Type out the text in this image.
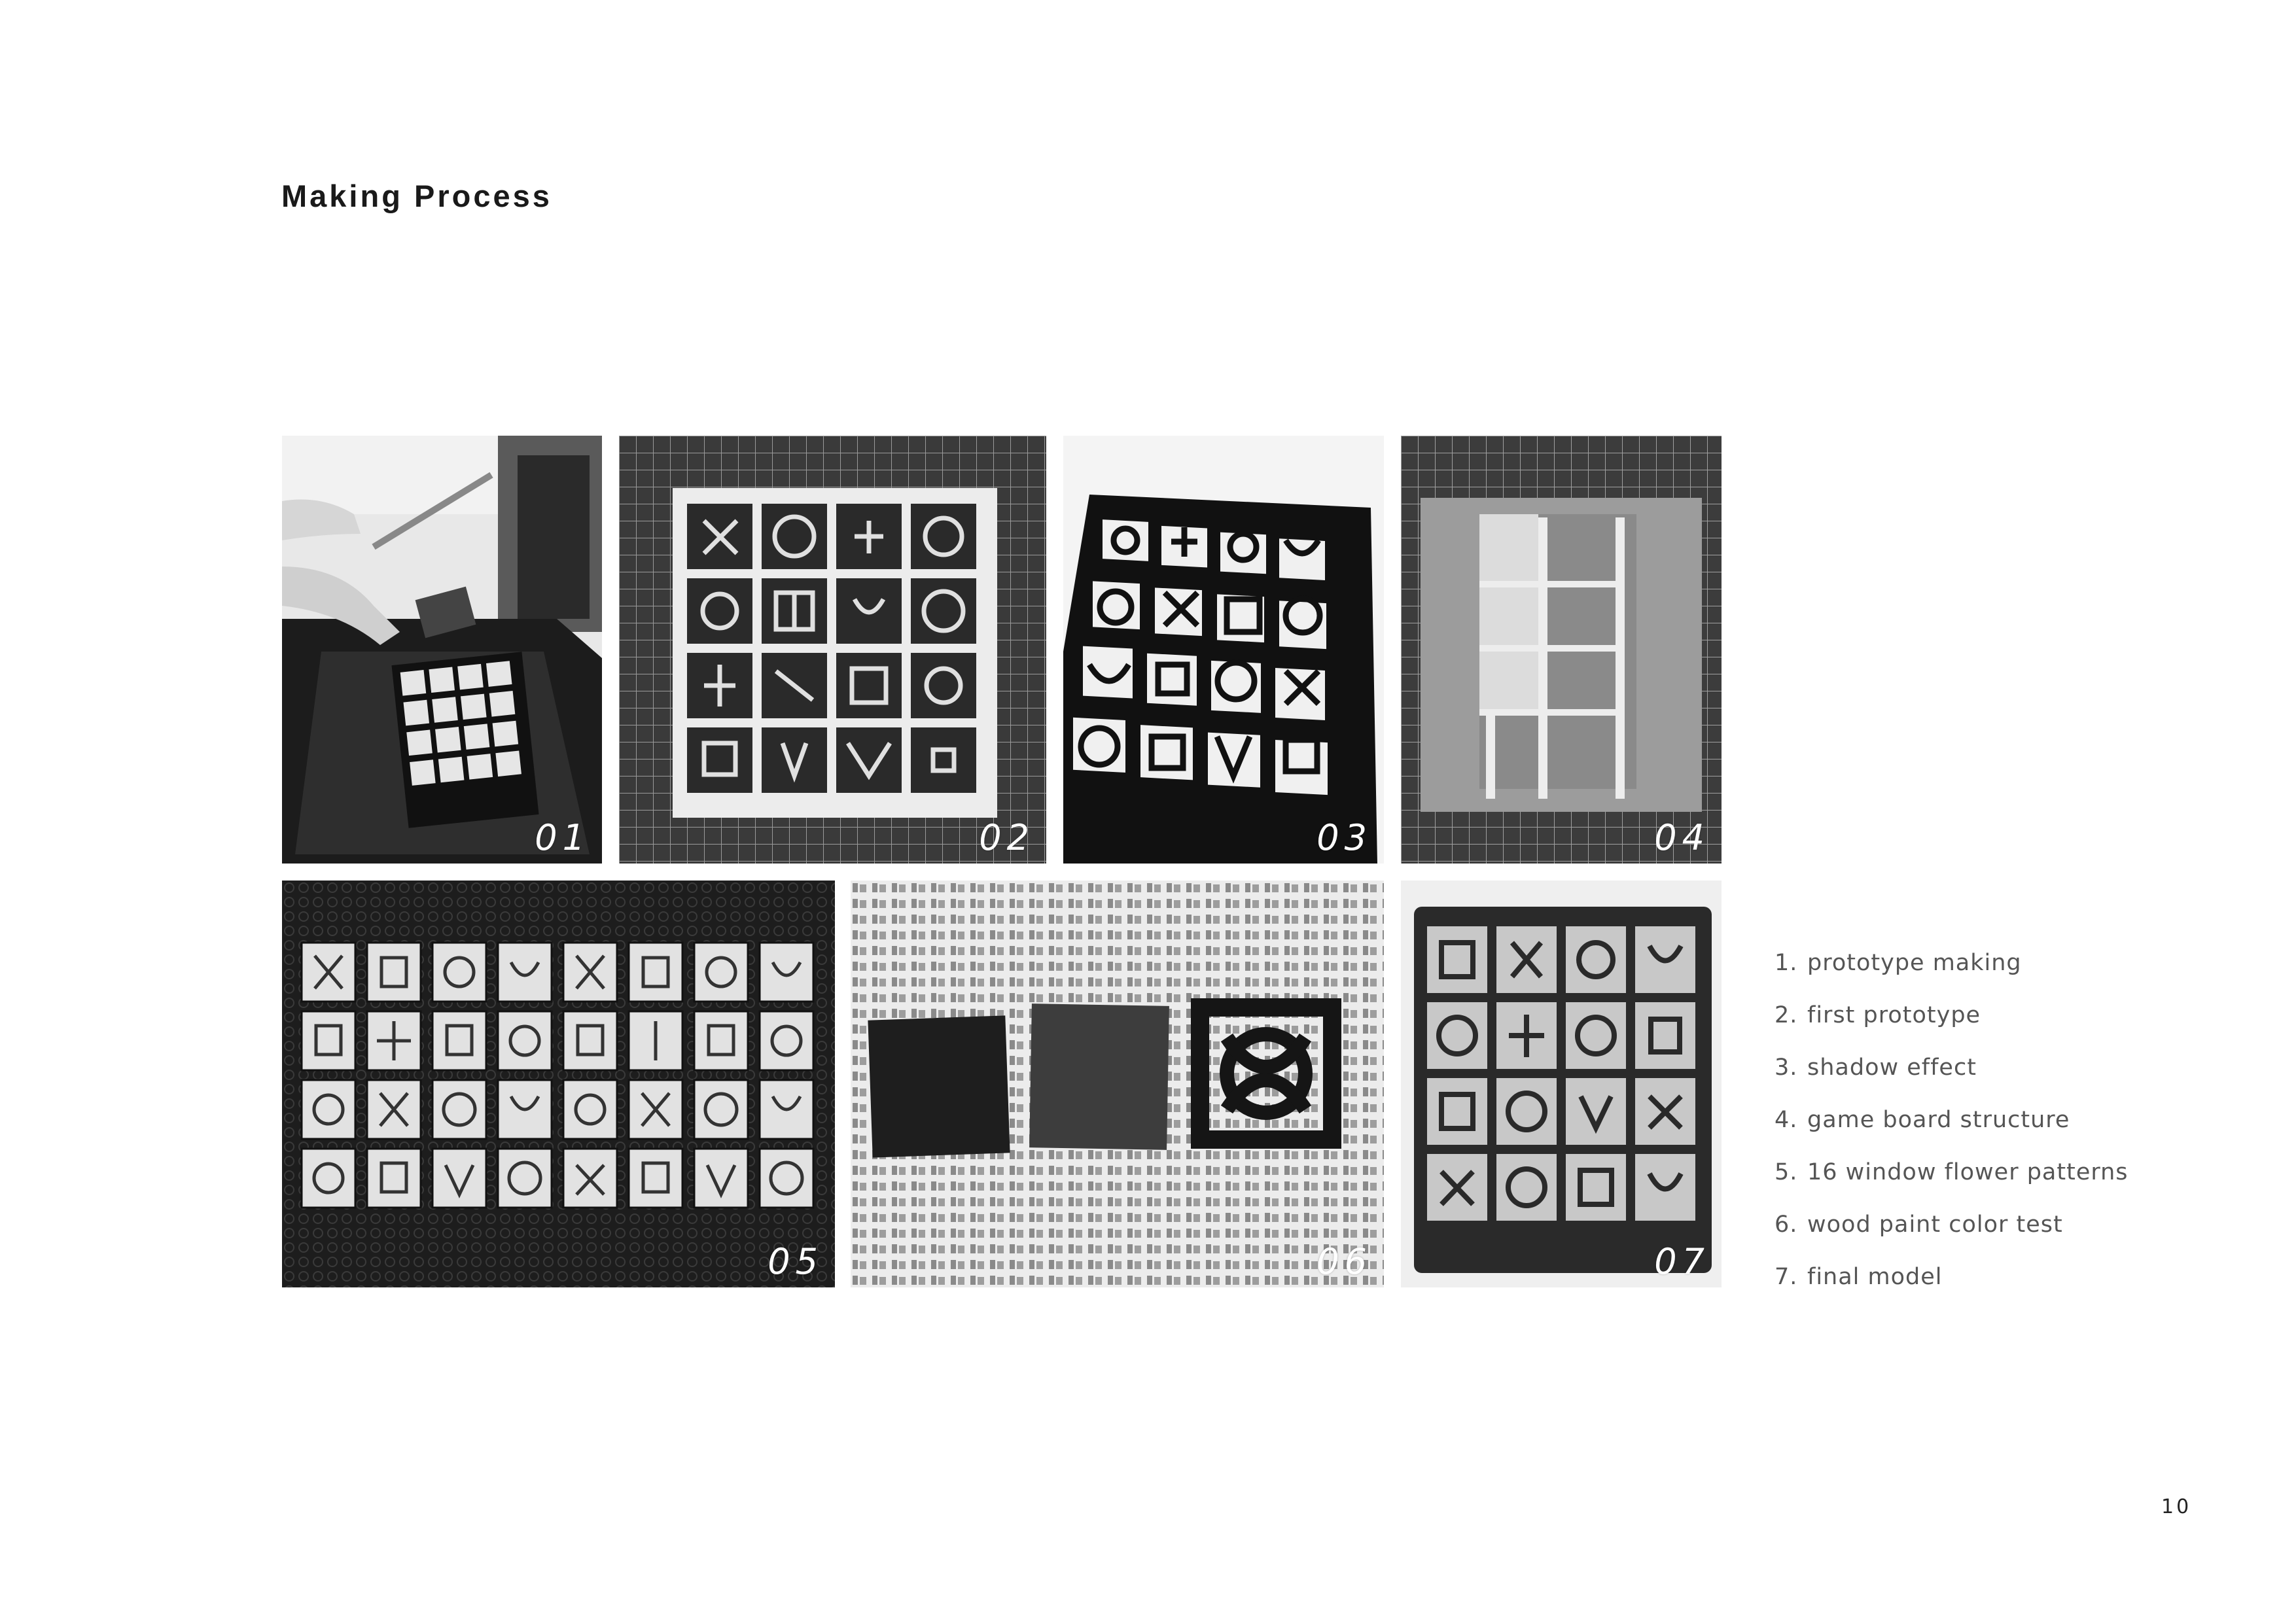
Making Process
01	02	03	04
05	06	07
1. prototype making
2. first prototype
3. shadow effect
4. game board structure
5. 16 window flower patterns
6. wood paint color test
7. final model
10
